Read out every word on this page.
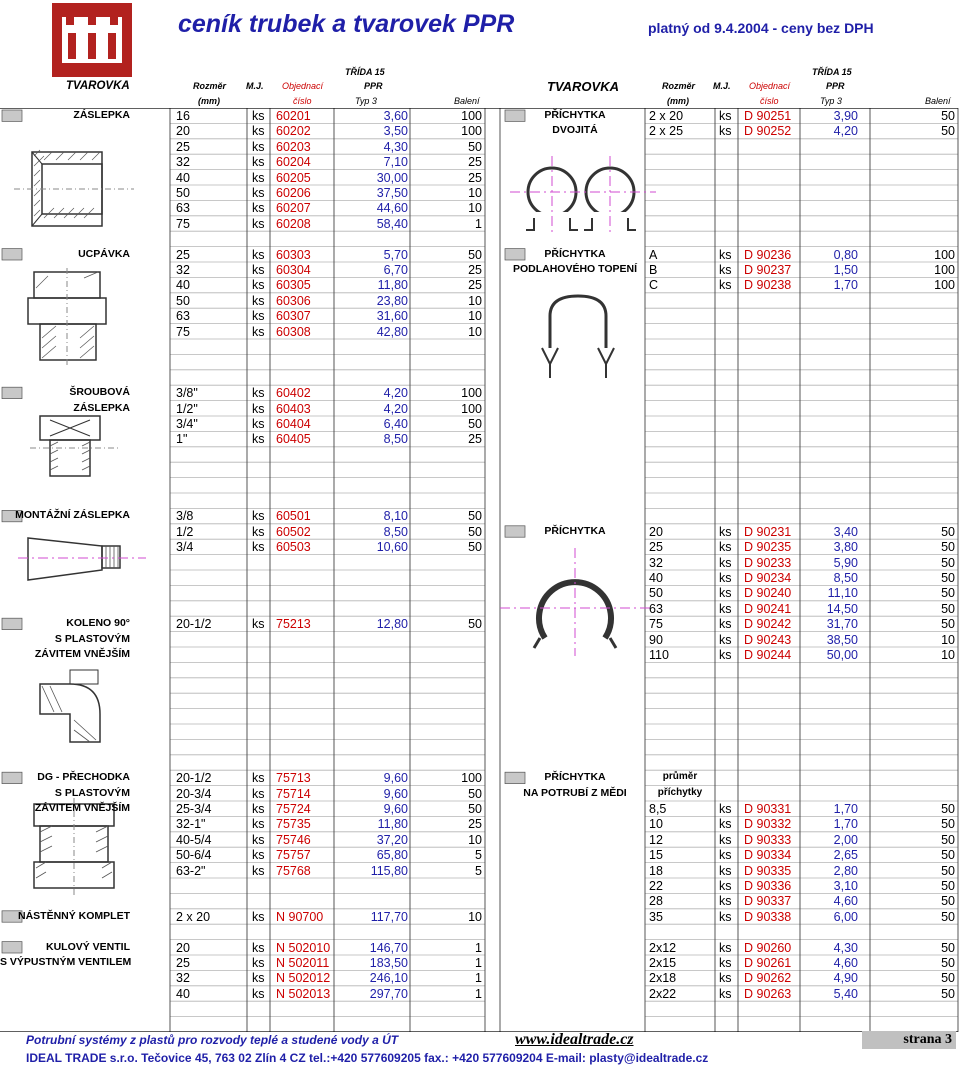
ceník trubek a tvarovek PPR	platný od 9.4.2004 - ceny bez DPH
TŘÍDA 15
TVAROVKA	Rozměr M.J. Objednací	PPR
(mm)	číslo	Typ 3	Balení
TŘÍDA 15
TVAROVKA	Rozměr M.J. Objednací	PPR
(mm)	číslo	Typ 3	Balení
ZÁSLEPKA	16	ks 60201	3,60	100
20	ks 60202	3,50	100
25	ks 60203	4,30	50
32	ks 60204	7,10	25
40	ks 60205	30,00	25
50	ks 60206	37,50	10
63	ks 60207	44,60	10
75	ks 60208	58,40	1
UCPÁVKA	25	ks 60303	5,70	50
32	ks 60304	6,70	25
40	ks 60305	11,80	25
50	ks 60306	23,80	10
63	ks 60307	31,60	10
75	ks 60308	42,80	10
ŠROUBOVÁ
ZÁSLEPKA
3/8"	ks 60402	4,20	100
1/2"	ks 60403	4,20	100
3/4"	ks 60404	6,40	50
1"	ks 60405	8,50	25
MONTÁŽNÍ ZÁSLEPKA	3/8	ks 60501	8,10	50
1/2	ks 60502	8,50	50
3/4	ks 60503	10,60	50
KOLENO 90°
S PLASTOVÝM
ZÁVITEM VNĚJŠÍM
20-1/2	ks 75213	12,80	50
DG - PŘECHODKA
S PLASTOVÝM
ZÁVITEM VNĚJŠÍM
20-1/2	ks 75713	9,60	100
20-3/4	ks 75714	9,60	50
25-3/4	ks 75724	9,60	50
32-1"	ks 75735	11,80	25
40-5/4	ks 75746	37,20	10
50-6/4	ks 75757	65,80	5
63-2"	ks 75768	115,80	5
NÁSTĚNNÝ KOMPLET	2 x 20	ks N 90700	117,70	10
KULOVÝ VENTIL
S VÝPUSTNÝM VENTILEM
20	ks N 502010	146,70	1
25	ks N 502011	183,50	1
32	ks N 502012	246,10	1
40	ks N 502013	297,70	1
PŘÍCHYTKA
DVOJITÁ
2 x 20	ks D 90251	3,90	50
2 x 25	ks D 90252	4,20	50
PŘÍCHYTKA
PODLAHOVÉHO TOPENÍ
A	ks D 90236	0,80	100
B	ks D 90237	1,50	100
C	ks D 90238	1,70	100
PŘÍCHYTKA	20	ks D 90231	3,40	50
25	ks D 90235	3,80	50
32	ks D 90233	5,90	50
40	ks D 90234	8,50	50
50	ks D 90240	11,10	50
63	ks D 90241	14,50	50
75	ks D 90242	31,70	50
90	ks D 90243	38,50	10
110	ks D 90244	50,00	10
PŘÍCHYTKA
NA POTRUBÍ Z MĚDI
průměr
příchytky
8,5	ks D 90331	1,70	50
10	ks D 90332	1,70	50
12	ks D 90333	2,00	50
15	ks D 90334	2,65	50
18	ks D 90335	2,80	50
22	ks D 90336	3,10	50
28	ks D 90337	4,60	50
35	ks D 90338	6,00	50
2x12	ks D 90260	4,30	50
2x15	ks D 90261	4,60	50
2x18	ks D 90262	4,90	50
2x22	ks D 90263	5,40	50
Potrubní systémy z plastů pro rozvody teplé a studené vody a ÚT	www.idealtrade.cz	strana 3
IDEAL TRADE s.r.o. Tečovice 45, 763 02 Zlín 4 CZ tel.:+420 577609205 fax.: +420 577609204 E-mail: plasty@idealtrade.cz
